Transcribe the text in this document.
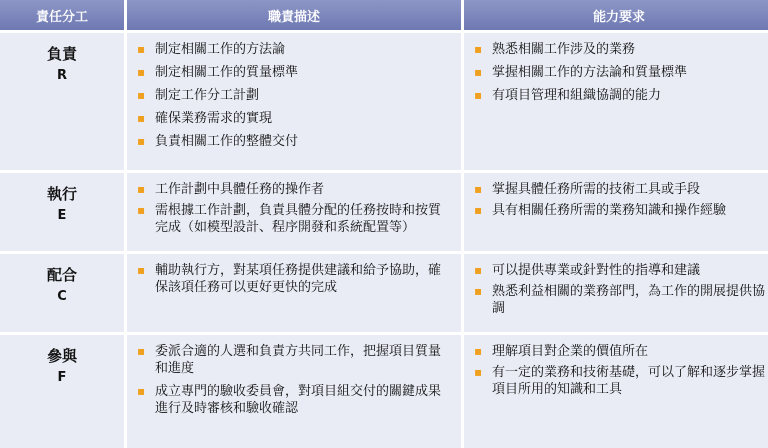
責任分工	職責描述	能力要求
負責
R
▪ 制定相關工作的方法論
▪ 制定相關工作的質量標準
▪ 制定工作分工計劃
▪ 確保業務需求的實現
▪ 負責相關工作的整體交付
▪ 熟悉相關工作涉及的業務
▪ 掌握相關工作的方法論和質量標準
▪ 有項目管理和組織協調的能力
執行
E
▪ 工作計劃中具體任務的操作者
▪ 需根據工作計劃，負責具體分配的任務按時和按質完成（如模型設計、程序開發和系統配置等）
▪ 掌握具體任務所需的技術工具或手段
▪ 具有相關任務所需的業務知識和操作經驗
配合
C
▪ 輔助執行方，對某項任務提供建議和給予協助，確保該項任務可以更好更快的完成
▪ 可以提供專業或針對性的指導和建議
▪ 熟悉利益相關的業務部門，為工作的開展提供協調
參與
F
▪ 委派合適的人選和負責方共同工作，把握項目質量和進度
▪ 成立專門的驗收委員會，對項目組交付的關鍵成果進行及時審核和驗收確認
▪ 理解項目對企業的價值所在
▪ 有一定的業務和技術基礎，可以了解和逐步掌握項目所用的知識和工具
